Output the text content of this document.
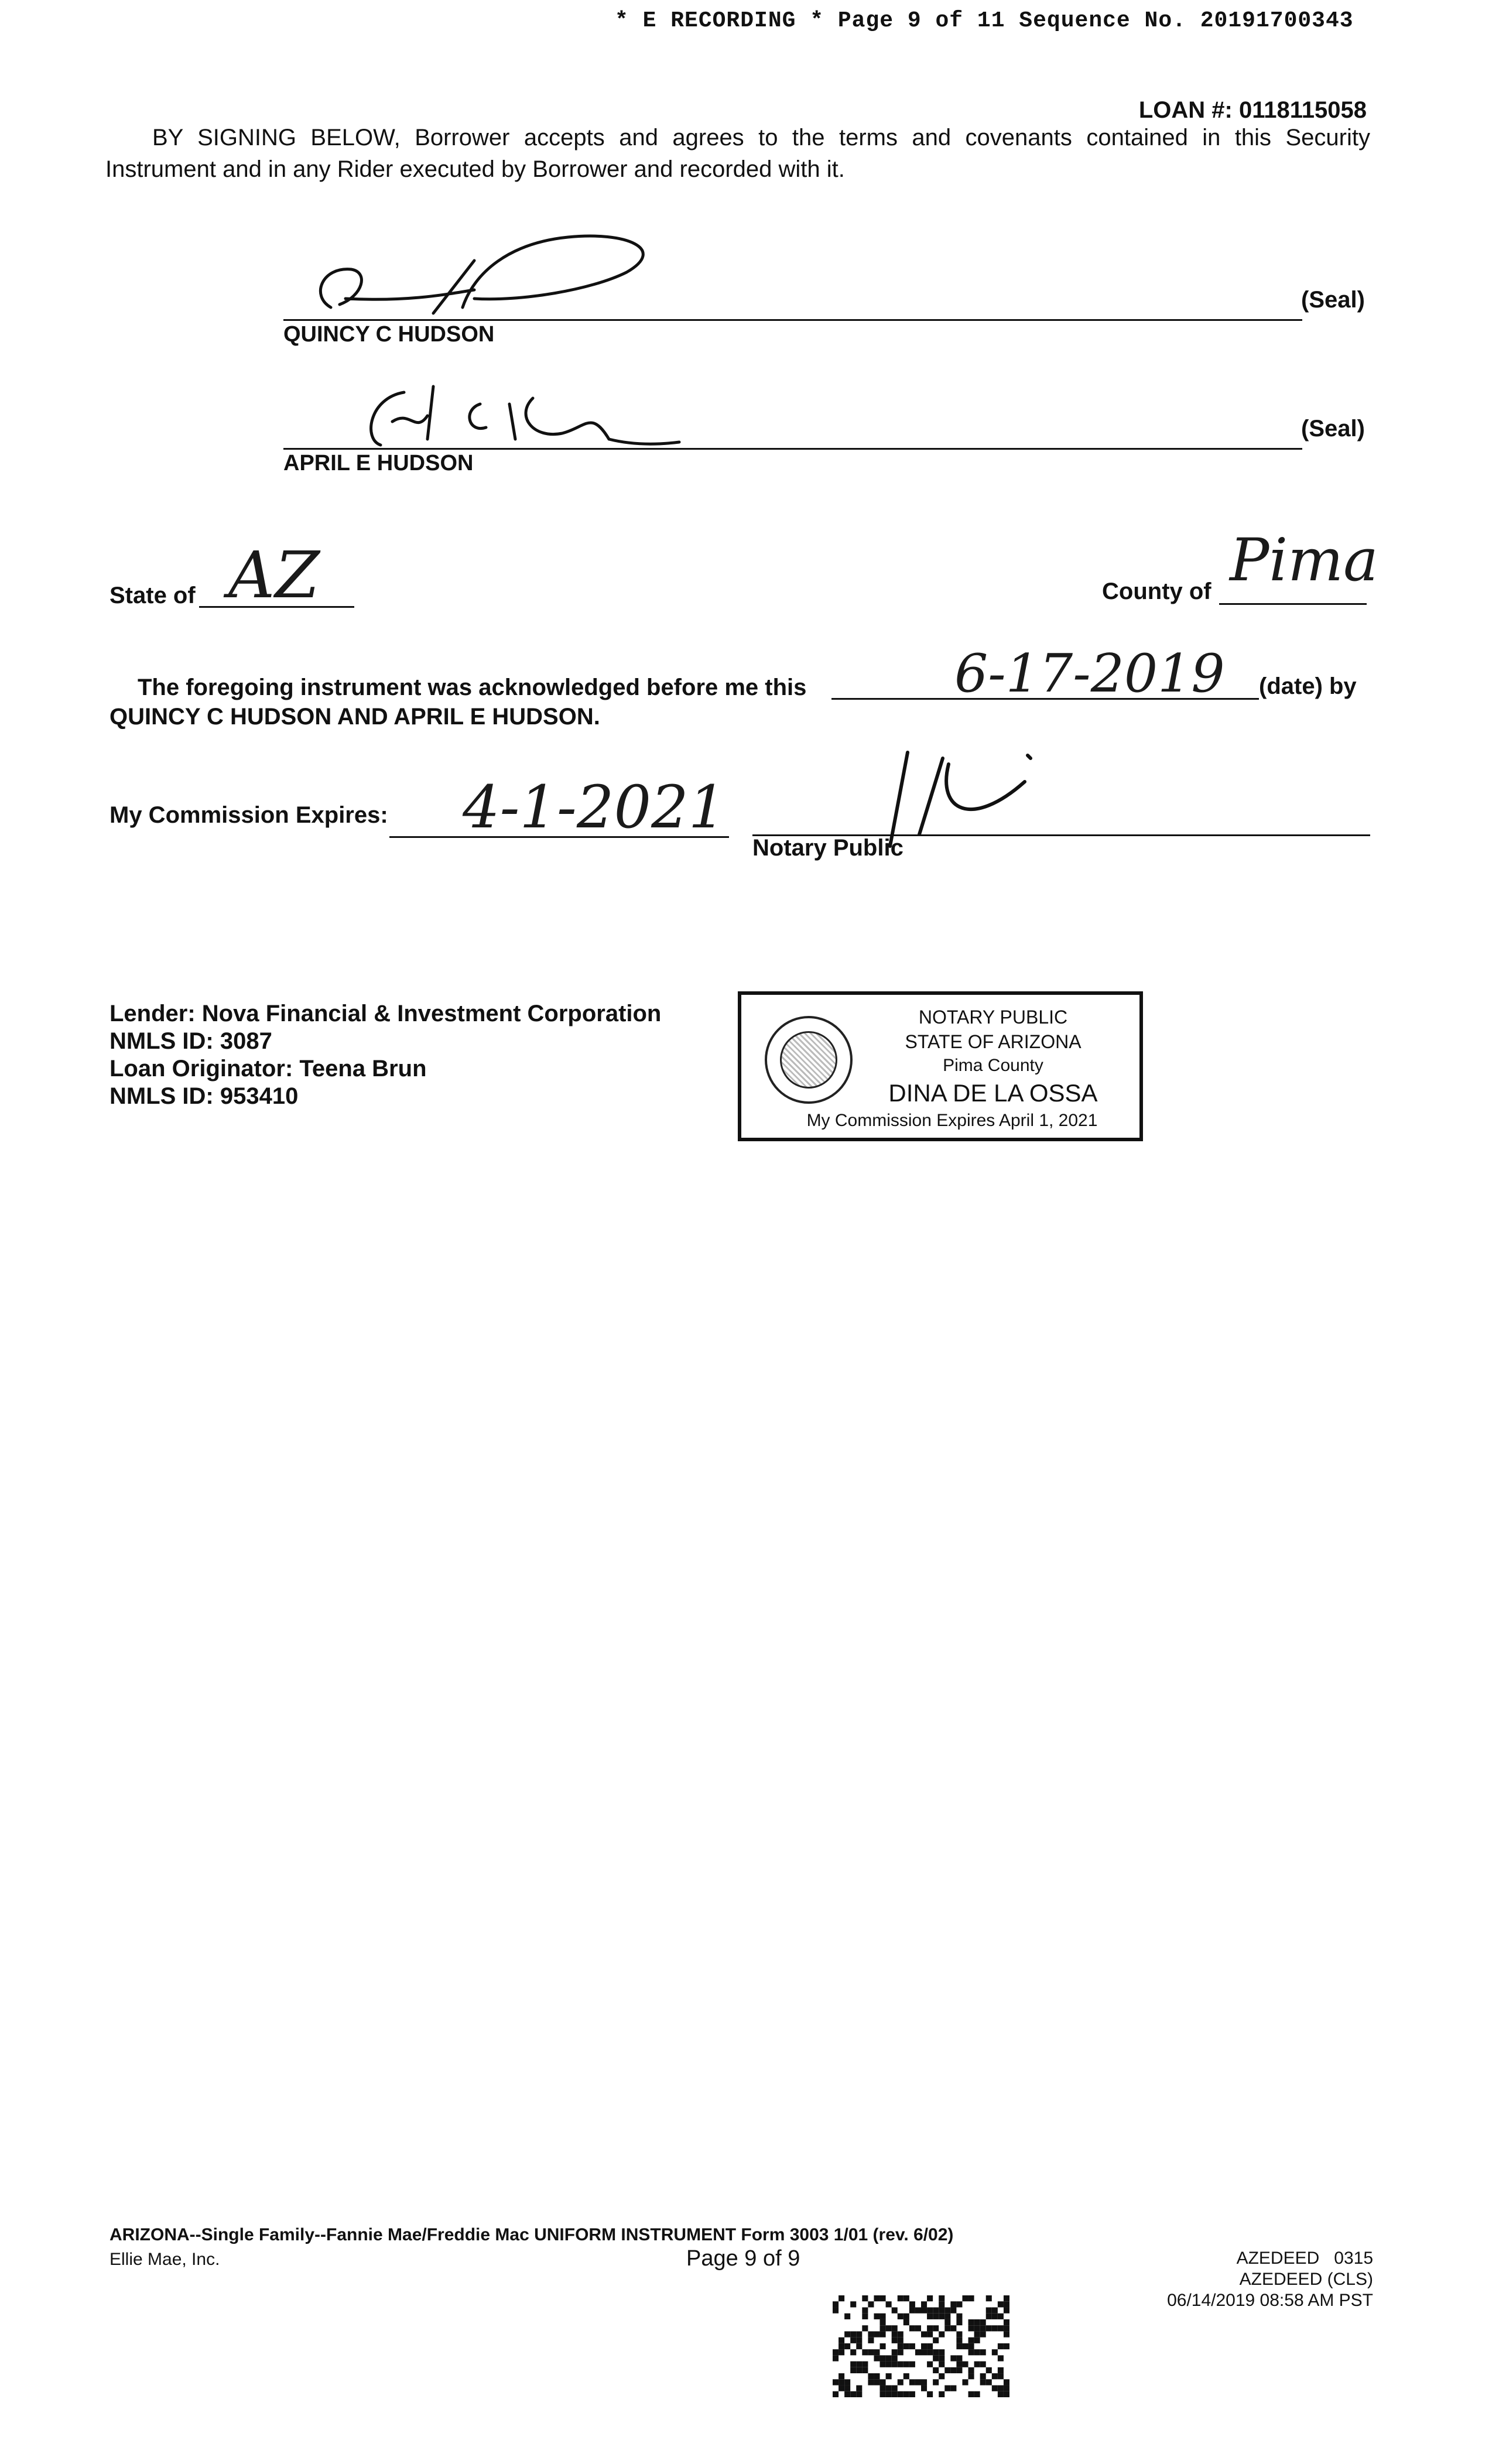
* E RECORDING * Page 9 of 11 Sequence No. 20191700343
LOAN #: 0118115058
BY SIGNING BELOW, Borrower accepts and agrees to the terms and covenants contained in this Security Instrument and in any Rider executed by Borrower and recorded with it.
(Seal)
QUINCY C HUDSON
(Seal)
APRIL E HUDSON
State of AZ	County of Pima
The foregoing instrument was acknowledged before me this	6-17-2019 (date) by
QUINCY C HUDSON AND APRIL E HUDSON.
My Commission Expires: 4-1-2021
Notary Public
Lender: Nova Financial & Investment Corporation
NMLS ID: 3087
Loan Originator: Teena Brun
NMLS ID: 953410
NOTARY PUBLIC
STATE OF ARIZONA
Pima County
DINA DE LA OSSA
My Commission Expires April 1, 2021
ARIZONA--Single Family--Fannie Mae/Freddie Mac UNIFORM INSTRUMENT Form 3003 1/01 (rev. 6/02)
Ellie Mae, Inc.	Page 9 of 9	AZEDEED   0315
AZEDEED (CLS)
06/14/2019 08:58 AM PST
